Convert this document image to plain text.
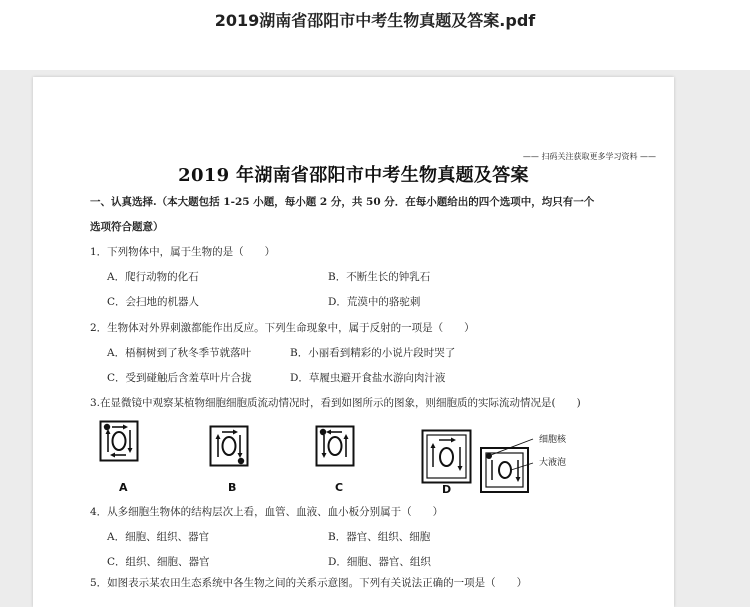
2019湖南省邵阳市中考生物真题及答案.pdf
—— 扫码关注获取更多学习资料 ——
2019 年湖南省邵阳市中考生物真题及答案
一、认真选择.（本大题包括 1-25 小题，每小题 2 分，共 50 分．在每小题给出的四个选项中，均只有一个
选项符合题意）
1．下列物体中，属于生物的是（　　）
A．爬行动物的化石	B．不断生长的钟乳石
C．会扫地的机器人	D．荒漠中的骆驼刺
2．生物体对外界刺激都能作出反应。下列生命现象中，属于反射的一项是（　　）
A．梧桐树到了秋冬季节就落叶	B．小丽看到精彩的小说片段时哭了
C．受到碰触后含羞草叶片合拢	D．草履虫避开食盐水游向肉汁液
3.在显微镜中观察某植物细胞细胞质流动情况时，看到如图所示的图象，则细胞质的实际流动情况是(　　)
A	B	C
细胞核
大液泡
D
4．从多细胞生物体的结构层次上看，血管、血液、血小板分别属于（　　）
A．细胞、组织、器官	B．器官、组织、细胞
C．组织、细胞、器官	D．细胞、器官、组织
5．如图表示某农田生态系统中各生物之间的关系示意图。下列有关说法正确的一项是（　　）
